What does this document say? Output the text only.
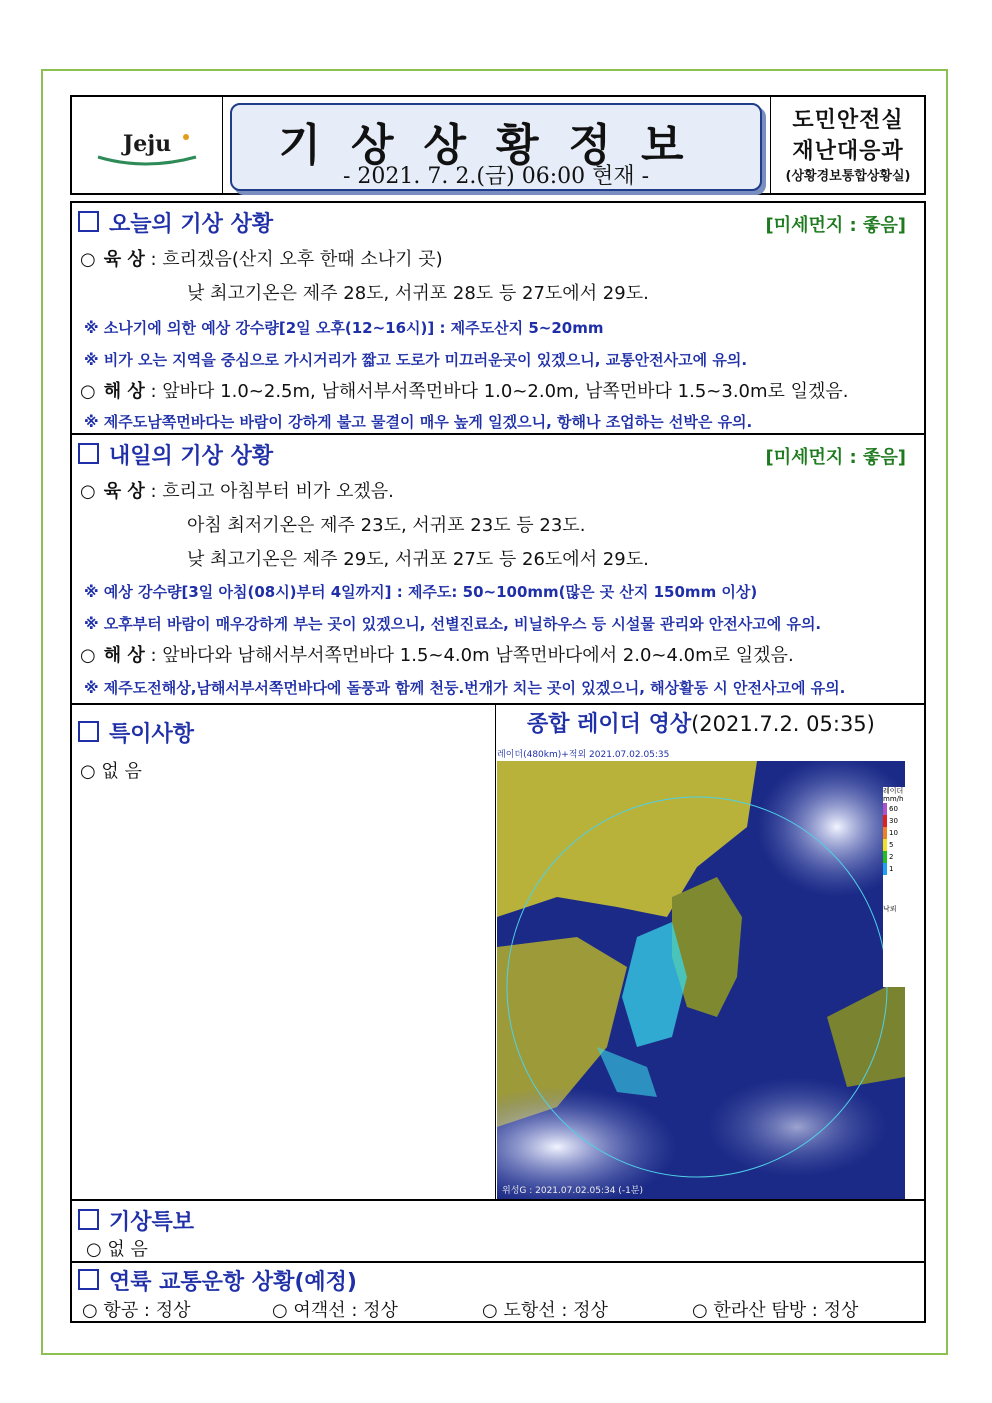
Jeju	기상상황정보
- 2021. 7. 2.(금) 06:00 현재 -
도민안전실
재난대응과
(상황경보통합상황실)
오늘의 기상 상황	[미세먼지 : 좋음]
○ 육 상 : 흐리겠음(산지 오후 한때 소나기 곳)
낮 최고기온은 제주 28도, 서귀포 28도 등 27도에서 29도.
※ 소나기에 의한 예상 강수량[2일 오후(12~16시)] : 제주도산지 5~20mm
※ 비가 오는 지역을 중심으로 가시거리가 짧고 도로가 미끄러운곳이 있겠으니, 교통안전사고에 유의.
○ 해 상 : 앞바다 1.0~2.5m, 남해서부서쪽먼바다 1.0~2.0m, 남쪽먼바다 1.5~3.0m로 일겠음.
※ 제주도남쪽먼바다는 바람이 강하게 불고 물결이 매우 높게 일겠으니, 항해나 조업하는 선박은 유의.
내일의 기상 상황	[미세먼지 : 좋음]
○ 육 상 : 흐리고 아침부터 비가 오겠음.
아침 최저기온은 제주 23도, 서귀포 23도 등 23도.
낮 최고기온은 제주 29도, 서귀포 27도 등 26도에서 29도.
※ 예상 강수량[3일 아침(08시)부터 4일까지] : 제주도: 50~100mm(많은 곳 산지 150mm 이상)
※ 오후부터 바람이 매우강하게 부는 곳이 있겠으니, 선별진료소, 비닐하우스 등 시설물 관리와 안전사고에 유의.
○ 해 상 : 앞바다와 남해서부서쪽먼바다 1.5~4.0m 남쪽먼바다에서 2.0~4.0m로 일겠음.
※ 제주도전해상,남해서부서쪽먼바다에 돌풍과 함께 천둥.번개가 치는 곳이 있겠으니, 해상활동 시 안전사고에 유의.
특이사항
○ 없 음
종합 레이더 영상(2021.7.2. 05:35)
레이더(480km)+적외 2021.07.02.05:35
레이더 mm/h
60
30
10
5
2
1
낙뢰
위성G : 2021.07.02.05:34 (-1분)
기상특보
○ 없 음
연륙 교통운항 상황(예정)
○ 항공 : 정상	○ 여객선 : 정상	○ 도항선 : 정상	○ 한라산 탐방 : 정상
